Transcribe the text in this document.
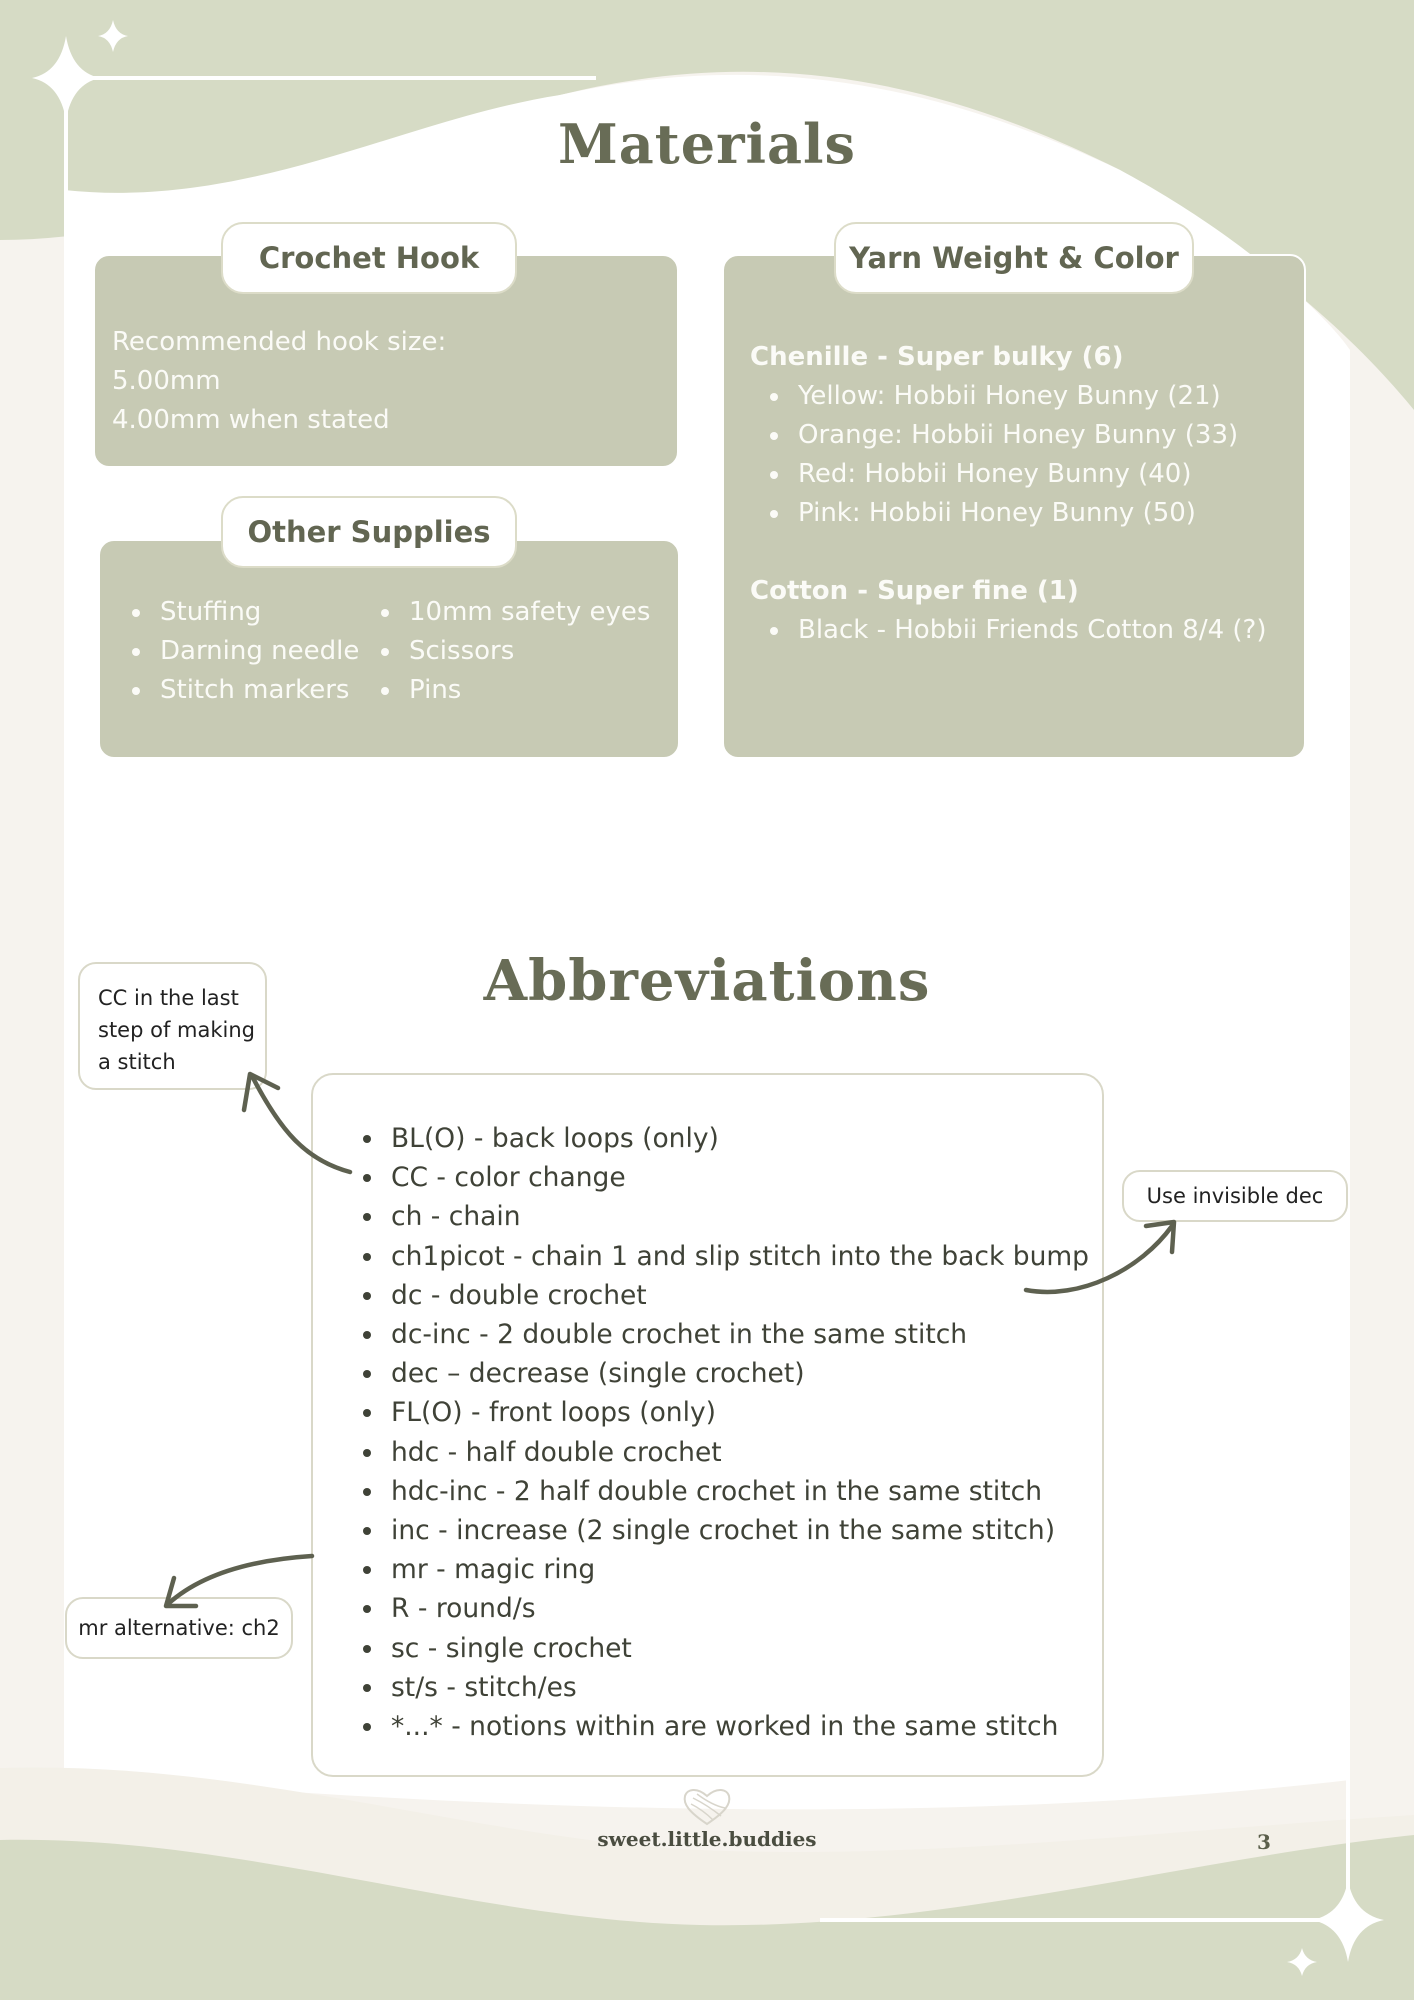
Materials

Recommended hook size:

5.00mm

4.00mm when stated

Crochet Hook
Stuffing
Darning needle
Stitch markers
10mm safety eyes
Scissors
Pins
Other Supplies
Chenille - Super bulky (6)
Yellow: Hobbii Honey Bunny (21)
Orange: Hobbii Honey Bunny (33)
Red: Hobbii Honey Bunny (40)
Pink: Hobbii Honey Bunny (50)
Cotton - Super fine (1)
Black - Hobbii Friends Cotton 8/4 (?)
Yarn Weight & Color
Abbreviations
BL(O) - back loops (only)
CC - color change
ch - chain
ch1picot - chain 1 and slip stitch into the back bump
dc - double crochet
dc-inc - 2 double crochet in the same stitch
dec – decrease (single crochet)
FL(O) - front loops (only)
hdc - half double crochet
hdc-inc - 2 half double crochet in the same stitch
inc - increase (2 single crochet in the same stitch)
mr - magic ring
R - round/s
sc - single crochet
st/s - stitch/es
*...* - notions within are worked in the same stitch
CC in the last
step of making
a stitch
Use invisible dec
mr alternative: ch2
sweet.little.buddies	3
